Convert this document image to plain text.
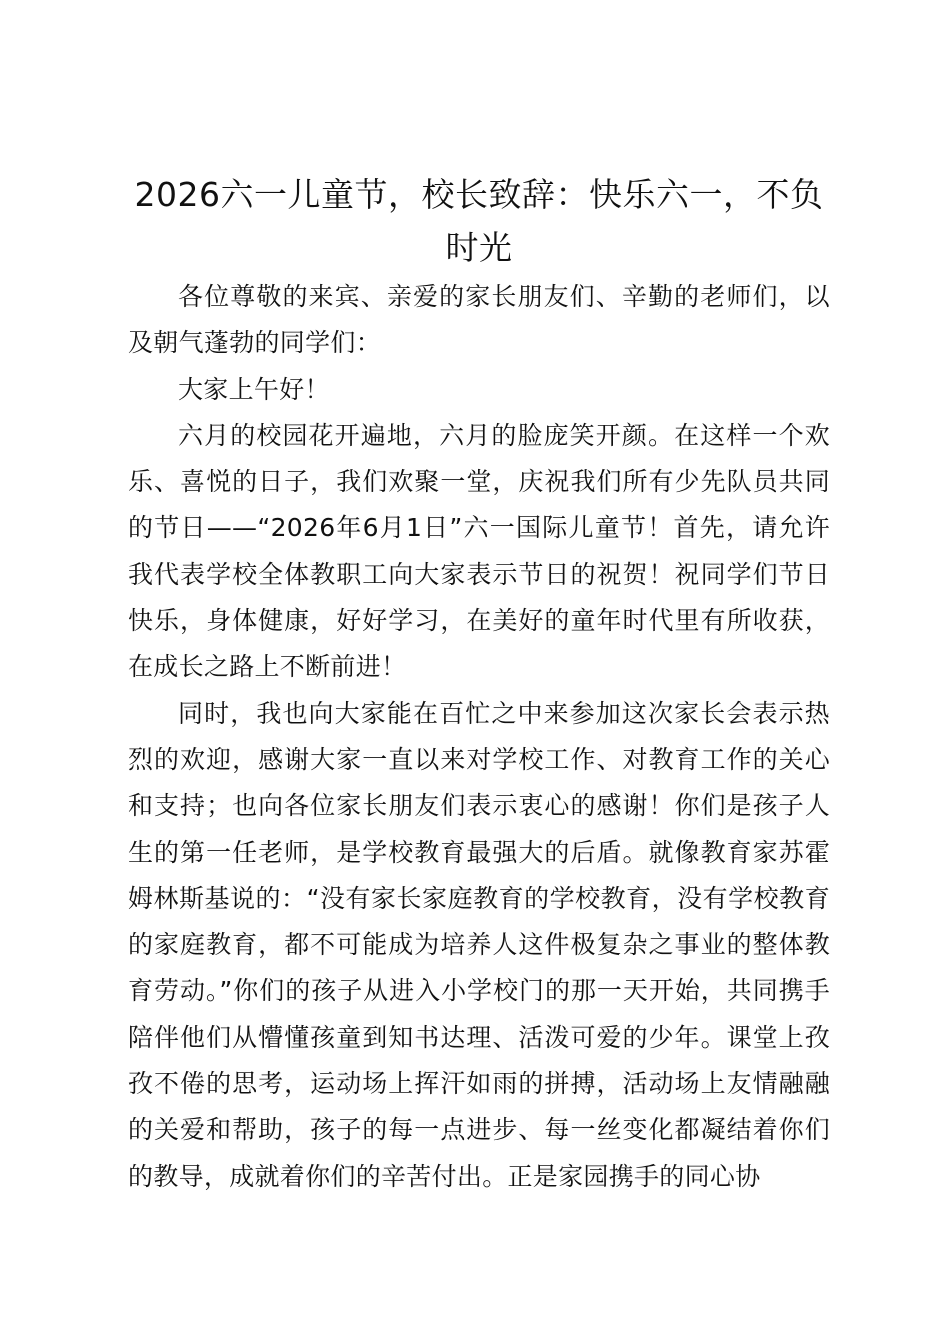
2026六一儿童节，校长致辞：快乐六一，不负时光

各位尊敬的来宾、亲爱的家长朋友们、辛勤的老师们，以及朝气蓬勃的同学们：

大家上午好！

六月的校园花开遍地，六月的脸庞笑开颜。在这样一个欢乐、喜悦的日子，我们欢聚一堂，庆祝我们所有少先队员共同的节日——“2026年6月1日”六一国际儿童节！首先，请允许我代表学校全体教职工向大家表示节日的祝贺！祝同学们节日快乐，身体健康，好好学习，在美好的童年时代里有所收获，在成长之路上不断前进！

同时，我也向大家能在百忙之中来参加这次家长会表示热烈的欢迎，感谢大家一直以来对学校工作、对教育工作的关心和支持；也向各位家长朋友们表示衷心的感谢！你们是孩子人生的第一任老师，是学校教育最强大的后盾。就像教育家苏霍姆林斯基说的：“没有家长家庭教育的学校教育，没有学校教育的家庭教育，都不可能成为培养人这件极复杂之事业的整体教育劳动。”你们的孩子从进入小学校门的那一天开始，共同携手陪伴他们从懵懂孩童到知书达理、活泼可爱的少年。课堂上孜孜不倦的思考，运动场上挥汗如雨的拼搏，活动场上友情融融的关爱和帮助，孩子的每一点进步、每一丝变化都凝结着你们的教导，成就着你们的辛苦付出。正是家园携手的同心协
